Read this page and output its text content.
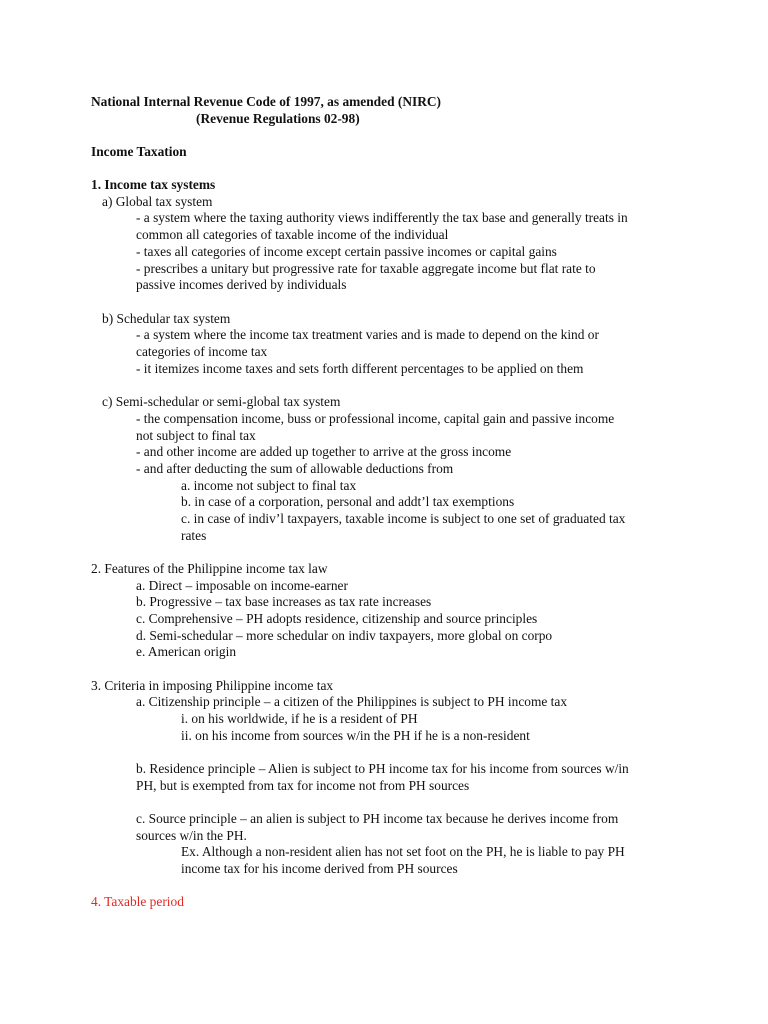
National Internal Revenue Code of 1997, as amended (NIRC)

(Revenue Regulations 02-98)

Income Taxation

1. Income tax systems

a) Global tax system

- a system where the taxing authority views indifferently the tax base and generally treats in

common all categories of taxable income of the individual

- taxes all categories of income except certain passive incomes or capital gains

- prescribes a unitary but progressive rate for taxable aggregate income but flat rate to

passive incomes derived by individuals

b) Schedular tax system

- a system where the income tax treatment varies and is made to depend on the kind or

categories of income tax

- it itemizes income taxes and sets forth different percentages to be applied on them

c) Semi-schedular or semi-global tax system

- the compensation income, buss or professional income, capital gain and passive income

not subject to final tax

- and other income are added up together to arrive at the gross income

- and after deducting the sum of allowable deductions from

a. income not subject to final tax

b. in case of a corporation, personal and addt’l tax exemptions

c. in case of indiv’l taxpayers, taxable income is subject to one set of graduated tax

rates

2. Features of the Philippine income tax law

a. Direct – imposable on income-earner

b. Progressive – tax base increases as tax rate increases

c. Comprehensive – PH adopts residence, citizenship and source principles

d. Semi-schedular – more schedular on indiv taxpayers, more global on corpo

e. American origin

3. Criteria in imposing Philippine income tax

a. Citizenship principle – a citizen of the Philippines is subject to PH income tax

i. on his worldwide, if he is a resident of PH

ii. on his income from sources w/in the PH if he is a non-resident

b. Residence principle – Alien is subject to PH income tax for his income from sources w/in

PH, but is exempted from tax for income not from PH sources

c. Source principle – an alien is subject to PH income tax because he derives income from

sources w/in the PH.

Ex. Although a non-resident alien has not set foot on the PH, he is liable to pay PH

income tax for his income derived from PH sources

4. Taxable period
